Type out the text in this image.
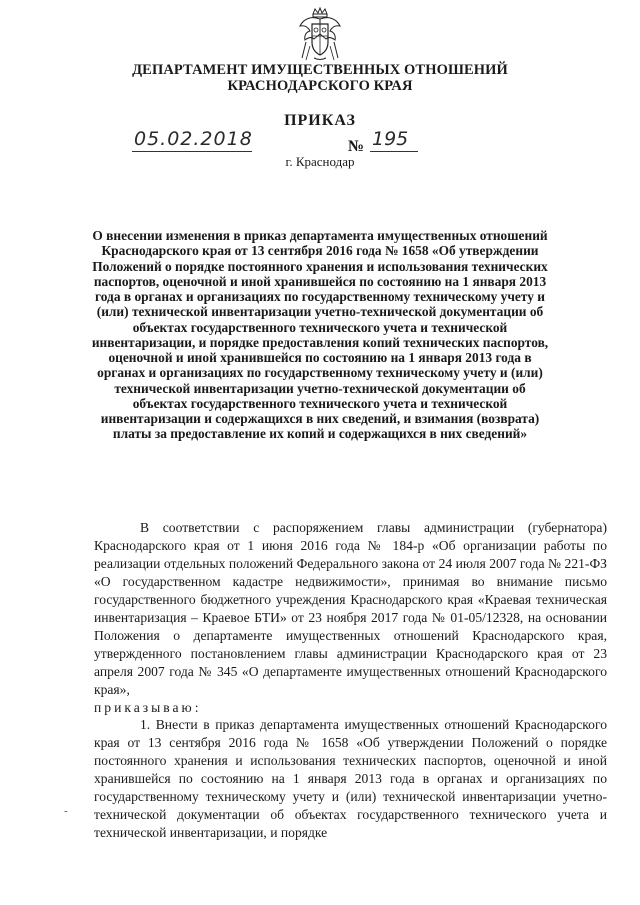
ДЕПАРТАМЕНТ ИМУЩЕСТВЕННЫХ ОТНОШЕНИЙ
КРАСНОДАРСКОГО КРАЯ
ПРИКАЗ
05.02.2018	№ 195
г. Краснодар

О внесении изменения в приказ департамента имущественных отношений Краснодарского края от 13 сентября 2016 года № 1658 «Об утверждении Положений о порядке постоянного хранения и использования технических паспортов, оценочной и иной хранившейся по состоянию на 1 января 2013 года в органах и организациях по государственному техническому учету и (или) технической инвентаризации учетно-технической документации об объектах государственного технического учета и технической инвентаризации, и порядке предоставления копий технических паспортов, оценочной и иной хранившейся по состоянию на 1 января 2013 года в органах и организациях по государственному техническому учету и (или) технической инвентаризации учетно-технической документации об объектах государственного технического учета и технической инвентаризации и содержащихся в них сведений, и взимания (возврата) платы за предоставление их копий и содержащихся в них сведений»

В соответствии с распоряжением главы администрации (губернатора) Краснодарского края от 1 июня 2016 года № 184-р «Об организации работы по реализации отдельных положений Федерального закона от 24 июля 2007 года № 221-ФЗ «О государственном кадастре недвижимости», принимая во внимание письмо государственного бюджетного учреждения Краснодарского края «Краевая техническая инвентаризация – Краевое БТИ» от 23 ноября 2017 года № 01-05/12328, на основании Положения о департаменте имущественных отношений Краснодарского края, утвержденного постановлением главы администрации Краснодарского края от 23 апреля 2007 года № 345 «О департаменте имущественных отношений Краснодарского края»,
приказываю:

1. Внести в приказ департамента имущественных отношений Краснодарского края от 13 сентября 2016 года № 1658 «Об утверждении Положений о порядке постоянного хранения и использования технических паспортов, оценочной и иной хранившейся по состоянию на 1 января 2013 года в органах и организациях по государственному техническому учету и (или) технической инвентаризации учетно-технической документации об объектах государственного технического учета и технической инвентаризации, и порядке

-
